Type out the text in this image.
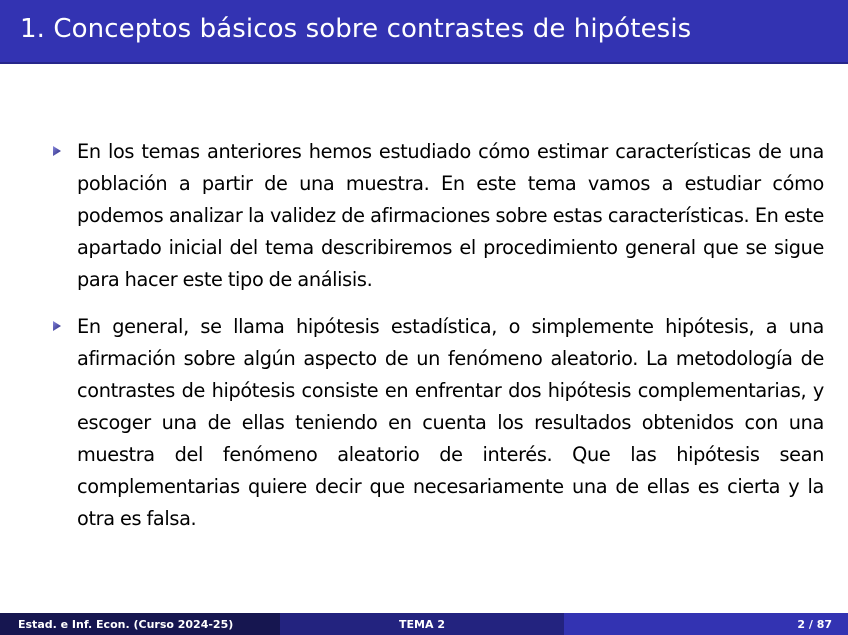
1. Conceptos básicos sobre contrastes de hipótesis
En los temas anteriores hemos estudiado cómo estimar características de una población a partir de una muestra. En este tema vamos a estudiar cómo podemos analizar la validez de afirmaciones sobre estas características. En este apartado inicial del tema describiremos el procedimiento general que se sigue para hacer este tipo de análisis.
En general, se llama hipótesis estadística, o simplemente hipótesis, a una afirmación sobre algún aspecto de un fenómeno aleatorio. La metodología de contrastes de hipótesis consiste en enfrentar dos hipótesis complementarias, y escoger una de ellas teniendo en cuenta los resultados obtenidos con una muestra del fenómeno aleatorio de interés. Que las hipótesis sean complementarias quiere decir que necesariamente una de ellas es cierta y la otra es falsa.
Estad. e Inf. Econ. (Curso 2024-25)	TEMA 2	2 / 87
